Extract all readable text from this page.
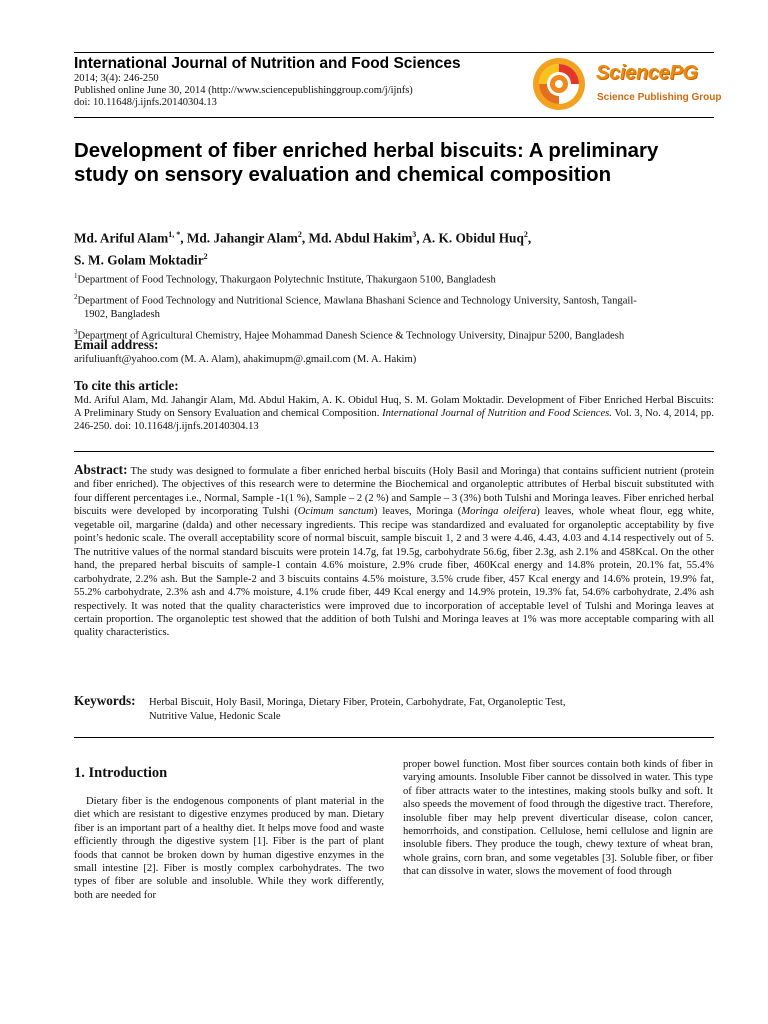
International Journal of Nutrition and Food Sciences
2014; 3(4): 246-250
Published online June 30, 2014 (http://www.sciencepublishinggroup.com/j/ijnfs)
doi: 10.11648/j.ijnfs.20140304.13
SciencePG
Science Publishing Group
Development of fiber enriched herbal biscuits: A preliminary study on sensory evaluation and chemical composition
Md. Ariful Alam$^{1, *}$, Md. Jahangir Alam$^2$, Md. Abdul Hakim$^3$, A. K. Obidul Huq$^2$,
S. M. Golam Moktadir$^2$

$^1$Department of Food Technology, Thakurgaon Polytechnic Institute, Thakurgaon 5100, Bangladesh

$^2$Department of Food Technology and Nutritional Science, Mawlana Bhashani Science and Technology University, Santosh, Tangail-

1902, Bangladesh

$^3$Department of Agricultural Chemistry, Hajee Mohammad Danesh Science & Technology University, Dinajpur 5200, Bangladesh

Email address:
arifuliuanft@yahoo.com (M. A. Alam), ahakimupm@.gmail.com (M. A. Hakim)
To cite this article:
Md. Ariful Alam, Md. Jahangir Alam, Md. Abdul Hakim, A. K. Obidul Huq, S. M. Golam Moktadir. Development of Fiber Enriched Herbal Biscuits: A Preliminary Study on Sensory Evaluation and chemical Composition. International Journal of Nutrition and Food Sciences. Vol. 3, No. 4, 2014, pp. 246-250. doi: 10.11648/j.ijnfs.20140304.13
Abstract: The study was designed to formulate a fiber enriched herbal biscuits (Holy Basil and Moringa) that contains sufficient nutrient (protein and fiber enriched). The objectives of this research were to determine the Biochemical and organoleptic attributes of Herbal biscuit substituted with four different percentages i.e., Normal, Sample -1(1 %), Sample – 2 (2 %) and Sample – 3 (3%) both Tulshi and Moringa leaves. Fiber enriched herbal biscuits were developed by incorporating Tulshi (Ocimum sanctum) leaves, Moringa (Moringa oleifera) leaves, whole wheat flour, egg white, vegetable oil, margarine (dalda) and other necessary ingredients. This recipe was standardized and evaluated for organoleptic acceptability by five point’s hedonic scale. The overall acceptability score of normal biscuit, sample biscuit 1, 2 and 3 were 4.46, 4.43, 4.03 and 4.14 respectively out of 5. The nutritive values of the normal standard biscuits were protein 14.7g, fat 19.5g, carbohydrate 56.6g, fiber 2.3g, ash 2.1% and 458Kcal. On the other hand, the prepared herbal biscuits of sample-1 contain 4.6% moisture, 2.9% crude fiber, 460Kcal energy and 14.8% protein, 20.1% fat, 55.4% carbohydrate, 2.2% ash. But the Sample-2 and 3 biscuits contains 4.5% moisture, 3.5% crude fiber, 457 Kcal energy and 14.6% protein, 19.9% fat, 55.2% carbohydrate, 2.3% ash and 4.7% moisture, 4.1% crude fiber, 449 Kcal energy and 14.9% protein, 19.3% fat, 54.6% carbohydrate, 2.4% ash respectively. It was noted that the quality characteristics were improved due to incorporation of acceptable level of Tulshi and Moringa leaves at certain proportion. The organoleptic test showed that the addition of both Tulshi and Moringa leaves at 1% was more acceptable comparing with all quality characteristics.
Keywords: Herbal Biscuit, Holy Basil, Moringa, Dietary Fiber, Protein, Carbohydrate, Fat, Organoleptic Test,
Nutritive Value, Hedonic Scale
1. Introduction
Dietary fiber is the endogenous components of plant material in the diet which are resistant to digestive enzymes produced by man. Dietary fiber is an important part of a healthy diet. It helps move food and waste efficiently through the digestive system [1]. Fiber is the part of plant foods that cannot be broken down by human digestive enzymes in the small intestine [2]. Fiber is mostly complex carbohydrates. The two types of fiber are soluble and insoluble. While they work differently, both are needed for
proper bowel function. Most fiber sources contain both kinds of fiber in varying amounts. Insoluble Fiber cannot be dissolved in water. This type of fiber attracts water to the intestines, making stools bulky and soft. It also speeds the movement of food through the digestive tract. Therefore, insoluble fiber may help prevent diverticular disease, colon cancer, hemorrhoids, and constipation. Cellulose, hemi cellulose and lignin are insoluble fibers. They produce the tough, chewy texture of wheat bran, whole grains, corn bran, and some vegetables [3]. Soluble fiber, or fiber that can dissolve in water, slows the movement of food through
